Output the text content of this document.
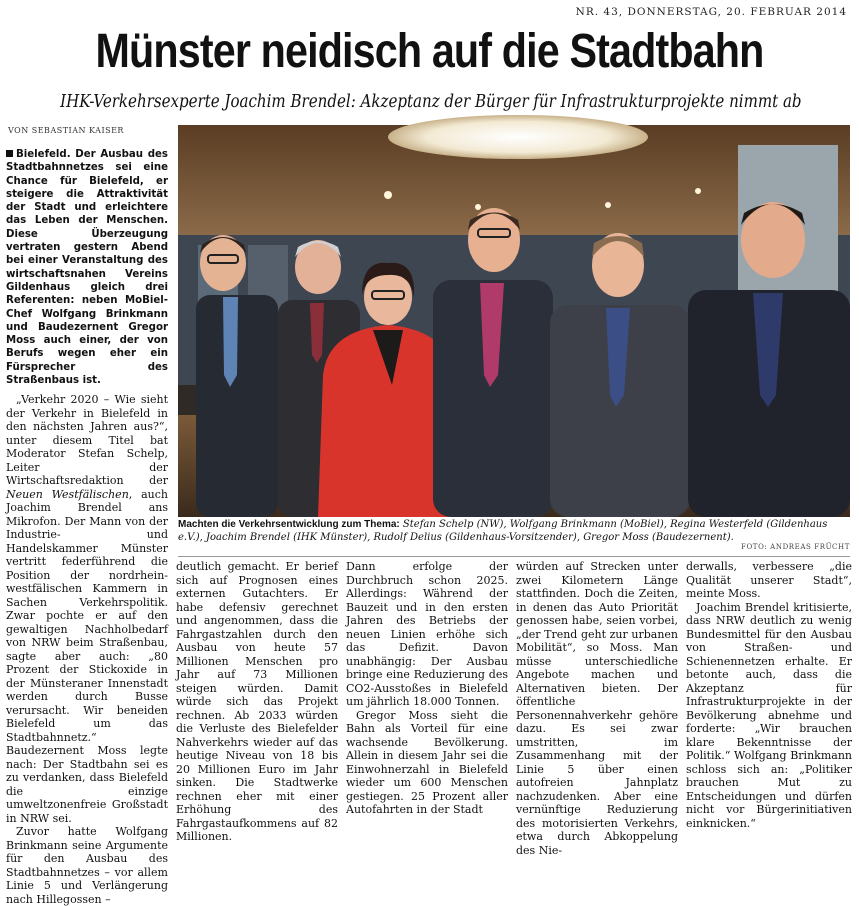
NR. 43, DONNERSTAG, 20. FEBRUAR 2014
Münster neidisch auf die Stadtbahn
IHK-Verkehrsexperte Joachim Brendel: Akzeptanz der Bürger für Infrastrukturprojekte nimmt ab
VON SEBASTIAN KAISER

Bielefeld. Der Ausbau des Stadtbahnnetzes sei eine Chance für Bielefeld, er steigere die Attraktivität der Stadt und erleichtere das Leben der Menschen. Diese Überzeugung vertraten gestern Abend bei einer Veranstaltung des wirtschaftsnahen Vereins Gildenhaus gleich drei Referenten: neben MoBiel-Chef Wolfgang Brinkmann und Baudezernent Gregor Moss auch einer, der von Berufs wegen eher ein Fürsprecher des Straßenbaus ist.

„Verkehr 2020 – Wie sieht der Verkehr in Bielefeld in den nächsten Jahren aus?“, unter diesem Titel bat Moderator Stefan Schelp, Leiter der Wirtschaftsredaktion der Neuen Westfälischen, auch Joachim Brendel ans Mikrofon. Der Mann von der Industrie- und Handelskammer Münster vertritt federführend die Position der nordrhein-westfälischen Kammern in Sachen Verkehrspolitik. Zwar pochte er auf den gewaltigen Nachholbedarf von NRW beim Straßenbau, sagte aber auch: „80 Prozent der Stickoxide in der Münsteraner Innenstadt werden durch Busse verursacht. Wir beneiden Bielefeld um das Stadtbahnnetz.“ Baudezernent Moss legte nach: Der Stadtbahn sei es zu verdanken, dass Bielefeld die einzige umweltzonenfreie Großstadt in NRW sei.

Zuvor hatte Wolfgang Brinkmann seine Argumente für den Ausbau des Stadtbahnnetzes – vor allem Linie 5 und Verlängerung nach Hillegossen –

Machten die Verkehrsentwicklung zum Thema: Stefan Schelp (NW), Wolfgang Brinkmann (MoBiel), Regina Westerfeld (Gildenhaus e.V.), Joachim Brendel (IHK Münster), Rudolf Delius (Gildenhaus-Vorsitzender), Gregor Moss (Baudezernent).
FOTO: ANDREAS FRÜCHT

deutlich gemacht. Er berief sich auf Prognosen eines externen Gutachters. Er habe defensiv gerechnet und angenommen, dass die Fahrgastzahlen durch den Ausbau von heute 57 Millionen Menschen pro Jahr auf 73 Millionen steigen würden. Damit würde sich das Projekt rechnen. Ab 2033 würden die Verluste des Bielefelder Nahverkehrs wieder auf das heutige Niveau von 18 bis 20 Millionen Euro im Jahr sinken. Die Stadtwerke rechnen eher mit einer Erhöhung des Fahrgastaufkommens auf 82 Millionen.

Dann erfolge der Durchbruch schon 2025. Allerdings: Während der Bauzeit und in den ersten Jahren des Betriebs der neuen Linien erhöhe sich das Defizit. Davon unabhängig: Der Ausbau bringe eine Reduzierung des CO2-Ausstoßes in Bielefeld um jährlich 18.000 Tonnen.

Gregor Moss sieht die Bahn als Vorteil für eine wachsende Bevölkerung. Allein in diesem Jahr sei die Einwohnerzahl in Bielefeld wieder um 600 Menschen gestiegen. 25 Prozent aller Autofahrten in der Stadt

würden auf Strecken unter zwei Kilometern Länge stattfinden. Doch die Zeiten, in denen das Auto Priorität genossen habe, seien vorbei, „der Trend geht zur urbanen Mobilität“, so Moss. Man müsse unterschiedliche Angebote machen und Alternativen bieten. Der öffentliche Personennahverkehr gehöre dazu. Es sei zwar umstritten, im Zusammenhang mit der Linie 5 über einen autofreien Jahnplatz nachzudenken. Aber eine vernünftige Reduzierung des motorisierten Verkehrs, etwa durch Abkoppelung des Nie-

derwalls, verbessere „die Qualität unserer Stadt“, meinte Moss.

Joachim Brendel kritisierte, dass NRW deutlich zu wenig Bundesmittel für den Ausbau von Straßen- und Schienennetzen erhalte. Er betonte auch, dass die Akzeptanz für Infrastrukturprojekte in der Bevölkerung abnehme und forderte: „Wir brauchen klare Bekenntnisse der Politik.“ Wolfgang Brinkmann schloss sich an: „Politiker brauchen Mut zu Entscheidungen und dürfen nicht vor Bürgerinitiativen einknicken.“
